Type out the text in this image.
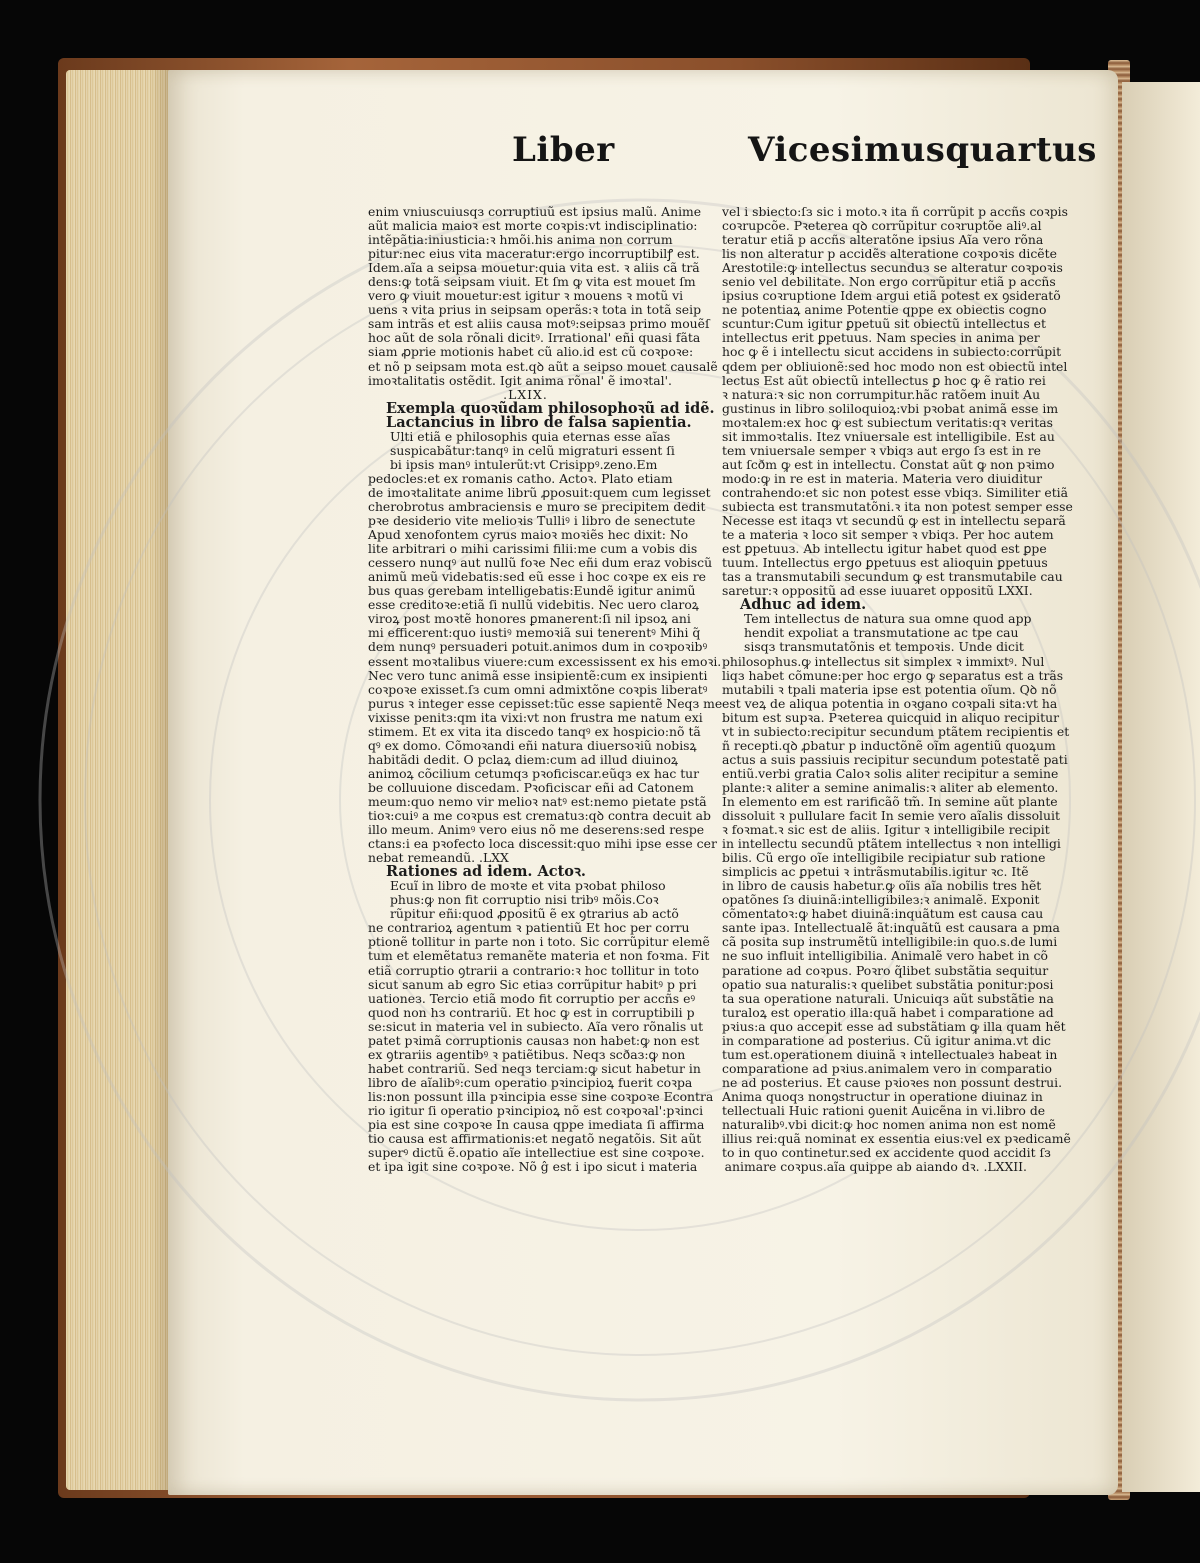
Liber	Vicesimusquartus
enim vniuscuiusqз corruptiuũ est ipsius malũ. Anime
aũt malicia maioꝛ est morte coꝛpis:vt indisciplinatio:
intẽpãtia:iniusticia:ꝛ hmõi.his anima non corrum
pitur:nec eius vita maceratur:ergo incorruptibilꝭ est.
Idem.aĩa a seipsa mouetur:quia vita est. ꝛ aliis cã trã
dens:ꝙ totã seipsam viuit. Et ſm ꝙ vita est mouet ſm
vero ꝙ viuit mouetur:est igitur ꝛ mouens ꝛ motũ vi
uens ꝛ vita prius in seipsam operãs:ꝛ tota in totã seip
sam intrãs et est aliis causa motꝰ:seipsaз primo mouẽſ
hoc aũt de sola rõnali dicitꝰ. Irrational' eñi quasi fãta
siam ꝓprie motionis habet cũ alio.id est cũ coꝛpoꝛe:
et nõ p seipsam mota est.qꝺ aũt a seipso mouet causalẽ
imoꝛtalitatis ostẽdit. Igit anima rõnal' ẽ imoꝛtal'.
.LXIX.
Exempla quoꝛũdam philosophoꝛũ ad idẽ.
Lactancius in libro de falsa sapientia.
Ulti etiã e philosophis quia eternas esse aĩas
suspicabãtur:tanqꝰ in celũ migraturi essent ſi
bi ipsis manꝰ intulerũt:vt Crisippꝰ.zeno.Em
pedocles:et ex romanis catho. Actoꝛ. Plato etiam
de imoꝛtalitate anime librũ ꝓposuit:quem cum legisset
cherobrotus ambraciensis e muro se precipitem dedit
pꝛe desiderio vite melioꝛis Tulliꝰ i libro de senectute
Apud xenofontem cyrus maioꝛ moꝛiẽs hec dixit: No
lite arbitrari o mihi carissimi filii:me cum a vobis dis
cessero nunqꝰ aut nullũ foꝛe Nec eñi dum eraz vobiscũ
animũ meũ videbatis:sed eũ esse i hoc coꝛpe ex eis re
bus quas gerebam intelligebatis:Eundẽ igitur animũ
esse creditoꝛe:etiã ſi nullũ videbitis. Nec uero claroꝝ
viroꝝ post moꝛtẽ honores ꝑmanerent:ſi nil ipsoꝝ ani
mi efficerent:quo iustiꝰ memoꝛiã sui tenerentꝰ Mihi q̃
dem nunqꝰ persuaderi potuit.animos dum in coꝛpoꝛibꝰ
essent moꝛtalibus viuere:cum excessissent ex his emoꝛi.
Nec vero tunc animã esse insipientẽ:cum ex insipienti
coꝛpoꝛe exisset.ſз cum omni admixtõne coꝛpis liberatꝰ
purus ꝛ integer esse cepisset:tũc esse sapientẽ Neqз me
vixisse penitз:qm ita vixi:vt non frustra me natum exi
stimem. Et ex vita ita discedo tanqꝰ ex hospicio:nõ tã
qꝰ ex domo. Cõmoꝛandi eñi natura diuersoꝛiũ nobisꝝ
habitãdi dedit. O pclaꝝ diem:cum ad illud diuinoꝝ
animoꝝ cõcilium cetumqз pꝛoficiscar.eũqз ex hac tur
be colluuione discedam. Pꝛoficiscar eñi ad Catonem
meum:quo nemo vir melioꝛ natꝰ est:nemo pietate pstã
tioꝛ:cuiꝰ a me coꝛpus est crematuз:qꝺ contra decuit ab
illo meum. Animꝰ vero eius nõ me deserens:sed respe
ctans:i ea pꝛofecto loca discessit:quo mihi ipse esse cer
nebat remeandũ. .LXX
Rationes ad idem. Actoꝛ.
Ecuĩ in libro de moꝛte et vita pꝛobat philoso
phus:ꝙ non fit corruptio nisi tribꝰ mõis.Coꝛ
rũpitur eñi:quod ꝓpositũ ẽ ex ꝯtrarius ab actõ
ne contrarioꝝ agentum ꝛ patientiũ Et hoc per corru
ptionẽ tollitur in parte non i toto. Sic corrũpitur elemẽ
tum et elemẽtatuз remanẽte materia et non foꝛma. Fit
etiã corruptio ꝯtrarii a contrario:ꝛ hoc tollitur in toto
sicut sanum ab egro Sic etiaз corrũpitur habitꝰ p pri
uationeз. Tercio etiã modo fit corruptio per accñs eꝰ
quod non hз contrariũ. Et hoc ꝙ est in corruptibili p
se:sicut in materia vel in subiecto. Aĩa vero rõnalis ut
patet pꝛimã corruptionis causaз non habet:ꝙ non est
ex ꝯtrariis agentibꝰ ꝛ patiẽtibus. Neqз scðaз:ꝙ non
habet contrariũ. Sed neqз terciam:ꝙ sicut habetur in
libro de aĩalibꝰ:cum operatio pꝛincipioꝝ fuerit coꝛpa
lis:non possunt illa pꝛincipia esse sine coꝛpoꝛe Econtra
rio igitur ſi operatio pꝛincipioꝝ nõ est coꝛpoꝛal':pꝛinci
pia est sine coꝛpoꝛe In causa qppe imediata ſi affirma
tio causa est affirmationis:et negatõ negatõis. Sit aũt
superꝰ dictũ ẽ.opatio aĩe intellectiue est sine coꝛpoꝛe.
et ipa igit sine coꝛpoꝛe. Nõ ĝ est i ipo sicut i materia
vel i sbiecto:ſз sic i moto.ꝛ ita ñ corrũpit p accñs coꝛpis
coꝛrupcõe. Pꝛeterea qꝺ corrũpitur coꝛruptõe aliꝰ.al
teratur etiã p accñs alteratõne ipsius Aĩa vero rõna
lis non alteratur p accidẽs alteratione coꝛpoꝛis dicẽte
Arestotile:ꝙ intellectus secunduз se alteratur coꝛpoꝛis
senio vel debilitate. Non ergo corrũpitur etiã p accñs
ipsius coꝛruptione Idem argui etiã potest ex ꝯsideratõ
ne potentiaꝝ anime Potentie qppe ex obiectis cogno
scuntur:Cum igitur ꝑpetuũ sit obiectũ intellectus et
intellectus erit ꝑpetuus. Nam species in anima per
hoc ꝙ ẽ i intellectu sicut accidens in subiecto:corrũpit
qdem per obliuionẽ:sed hoc modo non est obiectũ intel
lectus Est aũt obiectũ intellectus ꝑ hoc ꝙ ẽ ratio rei
ꝛ natura:ꝛ sic non corrumpitur.hãc ratõem inuit Au
gustinus in libro soliloquioꝝ:vbi pꝛobat animã esse im
moꝛtalem:ex hoc ꝙ est subiectum veritatis:qꝛ veritas
sit immoꝛtalis. Itez vniuersale est intelligibile. Est au
tem vniuersale semper ꝛ vbiqз aut ergo ſз est in re
aut ſcðm ꝙ est in intellectu. Constat aũt ꝙ non pꝛimo
modo:ꝙ in re est in materia. Materia vero diuiditur
contrahendo:et sic non potest esse vbiqз. Similiter etiã
subiecta est transmutatõni.ꝛ ita non potest semper esse
Necesse est itaqз vt secundũ ꝙ est in intellectu separã
te a materia ꝛ loco sit semper ꝛ vbiqз. Per hoc autem
est ꝑpetuuз. Ab intellectu igitur habet quod est ꝑpe
tuum. Intellectus ergo ꝑpetuus est alioquin ꝑpetuus
tas a transmutabili secundum ꝙ est transmutabile cau
saretur:ꝛ oppositũ ad esse iuuaret oppositũ LXXI.
Adhuc ad idem.
Tem intellectus de natura sua omne quod app
hendit expoliat a transmutatione ac tpe cau
sisqз transmutatõnis et tempoꝛis. Unde dicit
philosophus.ꝙ intellectus sit simplex ꝛ immixtꝰ. Nul
liqз habet cõmune:per hoc ergo ꝙ separatus est a trãs
mutabili ꝛ tpali materia ipse est potentia oĩum. Qꝺ nõ
est veꝝ de aliqua potentia in oꝛgano coꝛpali sita:vt ha
bitum est supꝛa. Pꝛeterea quicquid in aliquo recipitur
vt in subiecto:recipitur secundum ptãtem recipientis et
ñ recepti.qꝺ ꝓbatur p inductõnẽ oĩm agentiũ quoꝝum
actus a suis passiuis recipitur secundum potestatẽ pati
entiũ.verbi gratia Caloꝛ solis aliter recipitur a semine
plante:ꝛ aliter a semine animalis:ꝛ aliter ab elemento.
In elemento em est rarificãõ tm̃. In semine aũt plante
dissoluit ꝛ pullulare facit In semie vero aĩalis dissoluit
ꝛ foꝛmat.ꝛ sic est de aliis. Igitur ꝛ intelligibile recipit
in intellectu secundũ ptãtem intellectus ꝛ non intelligi
bilis. Cũ ergo oĩe intelligibile recipiatur sub ratione
simplicis ac ꝑpetui ꝛ intrãsmutabilis.igitur ꝛc. Itẽ
in libro de causis habetur.ꝙ oĩis aĩa nobilis tres hẽt
opatõnes ſз diuinã:intelligibileз:ꝛ animalẽ. Exponit
cõmentatoꝛ:ꝙ habet diuinã:inquãtum est causa cau
sante ipaз. Intellectualẽ ãt:inquãtũ est causara a pma
cã posita sup instrumẽtũ intelligibile:in quo.s.de lumi
ne suo influit intelligibilia. Animalẽ vero habet in cõ
paratione ad coꝛpus. Poꝛro q̃libet substãtia sequitur
opatio sua naturalis:ꝛ quelibet substãtia ponitur:posi
ta sua operatione naturali. Unicuiqз aũt substãtie na
turaloꝝ est operatio illa:quã habet i comparatione ad
pꝛius:a quo accepit esse ad substãtiam ꝙ illa quam hẽt
in comparatione ad posterius. Cũ igitur anima.vt dic
tum est.operationem diuinã ꝛ intellectualeз habeat in
comparatione ad pꝛius.animalem vero in comparatio
ne ad posterius. Et cause pꝛioꝛes non possunt destrui.
Anima quoqз nonꝯstructur in operatione diuinaz in
tellectuali Huic rationi ꝯuenit Auicẽna in vi.libro de
naturalibꝰ.vbi dicit:ꝙ hoc nomen anima non est nomẽ
illius rei:quã nominat ex essentia eius:vel ex pꝛedicamẽ
to in quo continetur.sed ex accidente quod accidit ſз
animare coꝛpus.aĩa quippe ab aiando dꝛ. .LXXII.
